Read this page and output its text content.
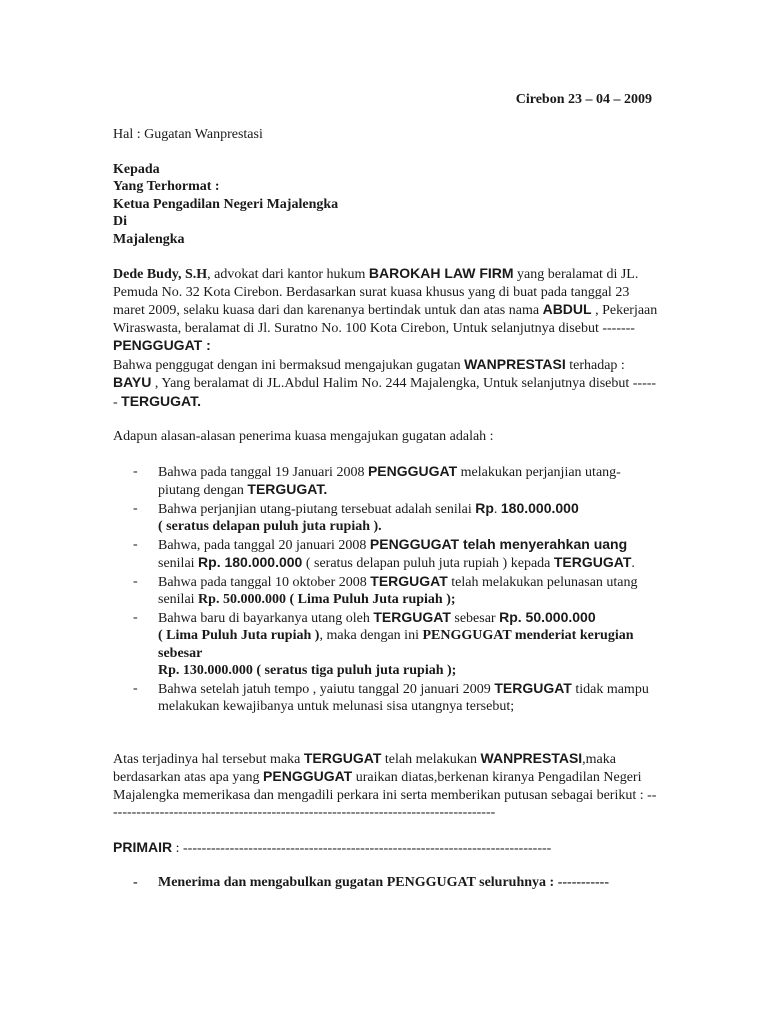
Cirebon 23 – 04 – 2009

Hal : Gugatan Wanprestasi

Kepada

Yang Terhormat :

Ketua Pengadilan Negeri Majalengka

Di

Majalengka

Dede Budy, S.H, advokat dari kantor hukum BAROKAH LAW FIRM yang beralamat di JL. Pemuda No. 32 Kota Cirebon. Berdasarkan surat kuasa khusus yang di buat pada tanggal 23 maret 2009, selaku kuasa dari dan karenanya bertindak untuk dan atas nama ABDUL , Pekerjaan Wiraswasta, beralamat di Jl. Suratno No. 100 Kota Cirebon, Untuk selanjutnya disebut ------- PENGGUGAT :

Bahwa penggugat dengan ini bermaksud mengajukan gugatan WANPRESTASI terhadap : BAYU , Yang beralamat di JL.Abdul Halim No. 244 Majalengka, Untuk selanjutnya disebut ------ TERGUGAT.

Adapun alasan-alasan penerima kuasa mengajukan gugatan adalah :

- Bahwa pada tanggal 19 Januari 2008 PENGGUGAT melakukan perjanjian utang-piutang dengan TERGUGAT.
- Bahwa perjanjian utang-piutang tersebuat adalah senilai Rp. 180.000.000
( seratus delapan puluh juta rupiah ).
- Bahwa, pada tanggal 20 januari 2008 PENGGUGAT telah menyerahkan uang senilai Rp. 180.000.000 ( seratus delapan puluh juta rupiah ) kepada TERGUGAT.
- Bahwa pada tanggal 10 oktober 2008 TERGUGAT telah melakukan pelunasan utang senilai Rp. 50.000.000 ( Lima Puluh Juta rupiah );
- Bahwa baru di bayarkanya utang oleh TERGUGAT sebesar Rp. 50.000.000
( Lima Puluh Juta rupiah ), maka dengan ini PENGGUGAT menderiat kerugian sebesar
Rp. 130.000.000 ( seratus tiga puluh juta rupiah );
- Bahwa setelah jatuh tempo , yaiutu tanggal 20 januari 2009 TERGUGAT tidak mampu melakukan kewajibanya untuk melunasi sisa utangnya tersebut;

Atas terjadinya hal tersebut maka TERGUGAT telah melakukan WANPRESTASI,maka berdasarkan atas apa yang PENGGUGAT uraikan diatas,berkenan kiranya Pengadilan Negeri Majalengka memerikasa dan mengadili perkara ini serta memberikan putusan sebagai berikut : ------------------------------------------------------------------------------------

PRIMAIR : -------------------------------------------------------------------------------

- Menerima dan mengabulkan gugatan PENGGUGAT seluruhnya : -----------
